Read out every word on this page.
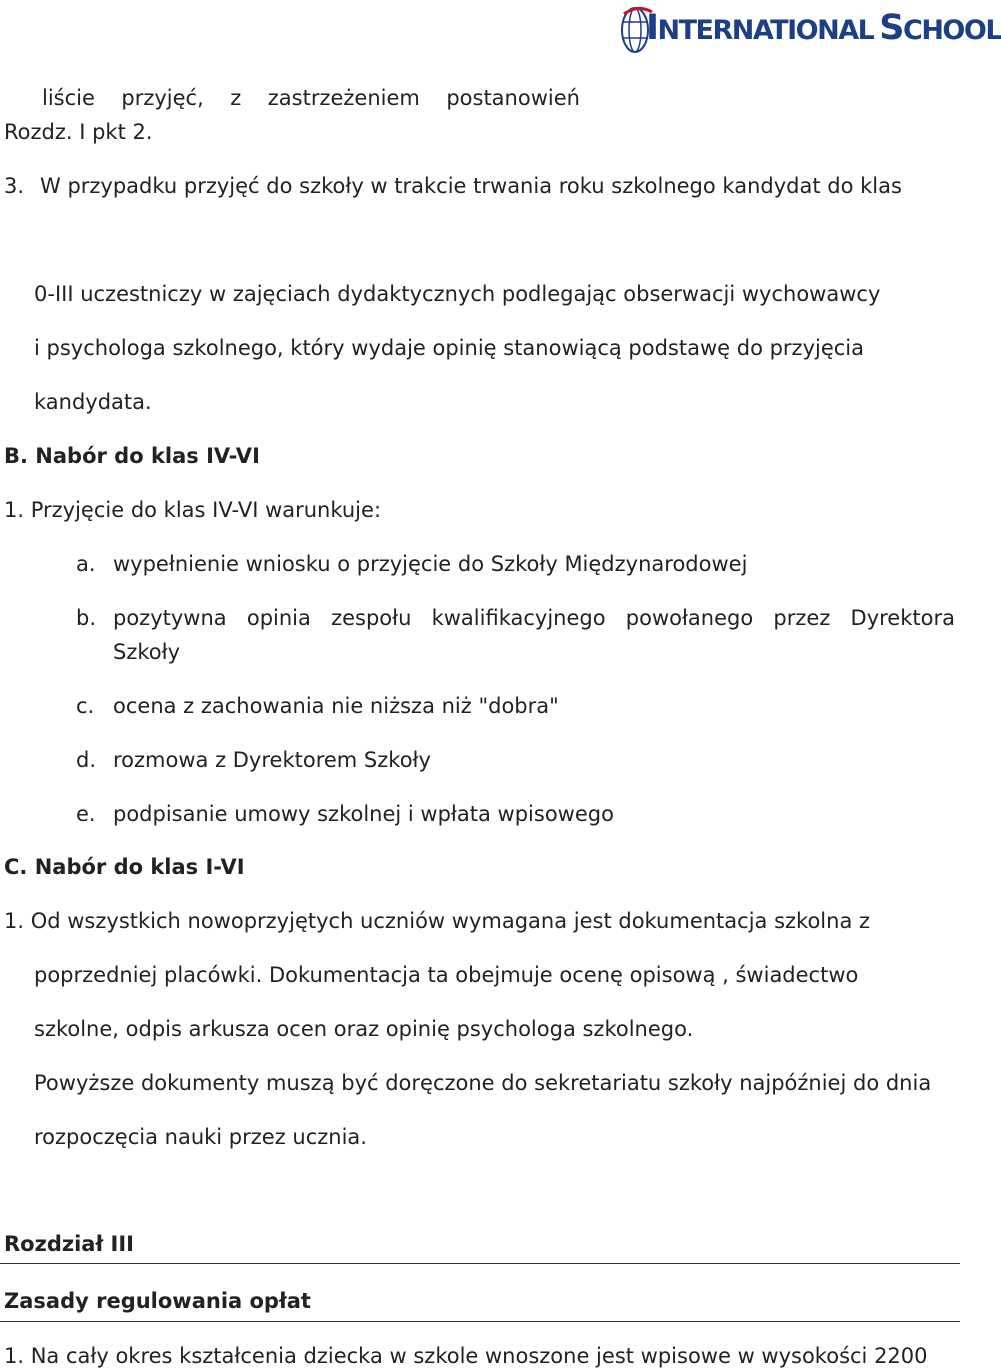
INTERNATIONAL SCHOOL
liście przyjęć, z zastrzeżeniem postanowień

Rozdz. I pkt 2.

3. W przypadku przyjęć do szkoły w trakcie trwania roku szkolnego kandydat do klas

0-III uczestniczy w zajęciach dydaktycznych podlegając obserwacji wychowawcy

i psychologa szkolnego, który wydaje opinię stanowiącą podstawę do przyjęcia

kandydata.

B. Nabór do klas IV-VI

1. Przyjęcie do klas IV-VI warunkuje:

a. wypełnienie wniosku o przyjęcie do Szkoły Międzynarodowej

b. pozytywna opinia zespołu kwalifikacyjnego powołanego przez Dyrektora

Szkoły

c. ocena z zachowania nie niższa niż "dobra"

d. rozmowa z Dyrektorem Szkoły

e. podpisanie umowy szkolnej i wpłata wpisowego

C. Nabór do klas I-VI

1. Od wszystkich nowoprzyjętych uczniów wymagana jest dokumentacja szkolna z

poprzedniej placówki. Dokumentacja ta obejmuje ocenę opisową , świadectwo

szkolne, odpis arkusza ocen oraz opinię psychologa szkolnego.

Powyższe dokumenty muszą być doręczone do sekretariatu szkoły najpóźniej do dnia

rozpoczęcia nauki przez ucznia.

Rozdział III

Zasady regulowania opłat

1. Na cały okres kształcenia dziecka w szkole wnoszone jest wpisowe w wysokości 2200
